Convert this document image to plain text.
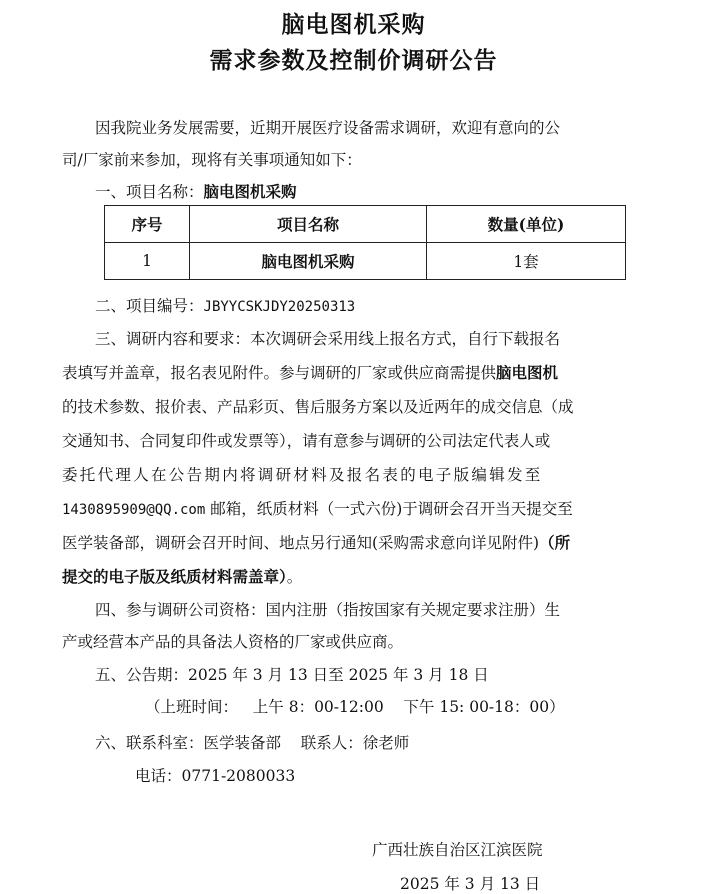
脑电图机采购
需求参数及控制价调研公告
因我院业务发展需要，近期开展医疗设备需求调研，欢迎有意向的公
司/厂家前来参加，现将有关事项通知如下：
一、项目名称：脑电图机采购
序号	项目名称	数量(单位)
1	脑电图机采购	1套
二、项目编号：JBYYCSKJDY20250313
三、调研内容和要求：本次调研会采用线上报名方式，自行下载报名
表填写并盖章，报名表见附件。参与调研的厂家或供应商需提供脑电图机
的技术参数、报价表、产品彩页、售后服务方案以及近两年的成交信息（成
交通知书、合同复印件或发票等），请有意参与调研的公司法定代表人或
委托代理人在公告期内将调研材料及报名表的电子版编辑发至
1430895909@QQ.com 邮箱，纸质材料（一式六份)于调研会召开当天提交至
医学装备部，调研会召开时间、地点另行通知(采购需求意向详见附件)（所
提交的电子版及纸质材料需盖章）。
四、参与调研公司资格：国内注册（指按国家有关规定要求注册）生
产或经营本产品的具备法人资格的厂家或供应商。
五、公告期：2025 年 3 月 13 日至 2025 年 3 月 18 日
（上班时间：   上午 8：00-12:00    下午 15: 00-18：00）
六、联系科室：医学装备部    联系人：徐老师
电话：0771-2080033
广西壮族自治区江滨医院
2025 年 3 月 13 日
